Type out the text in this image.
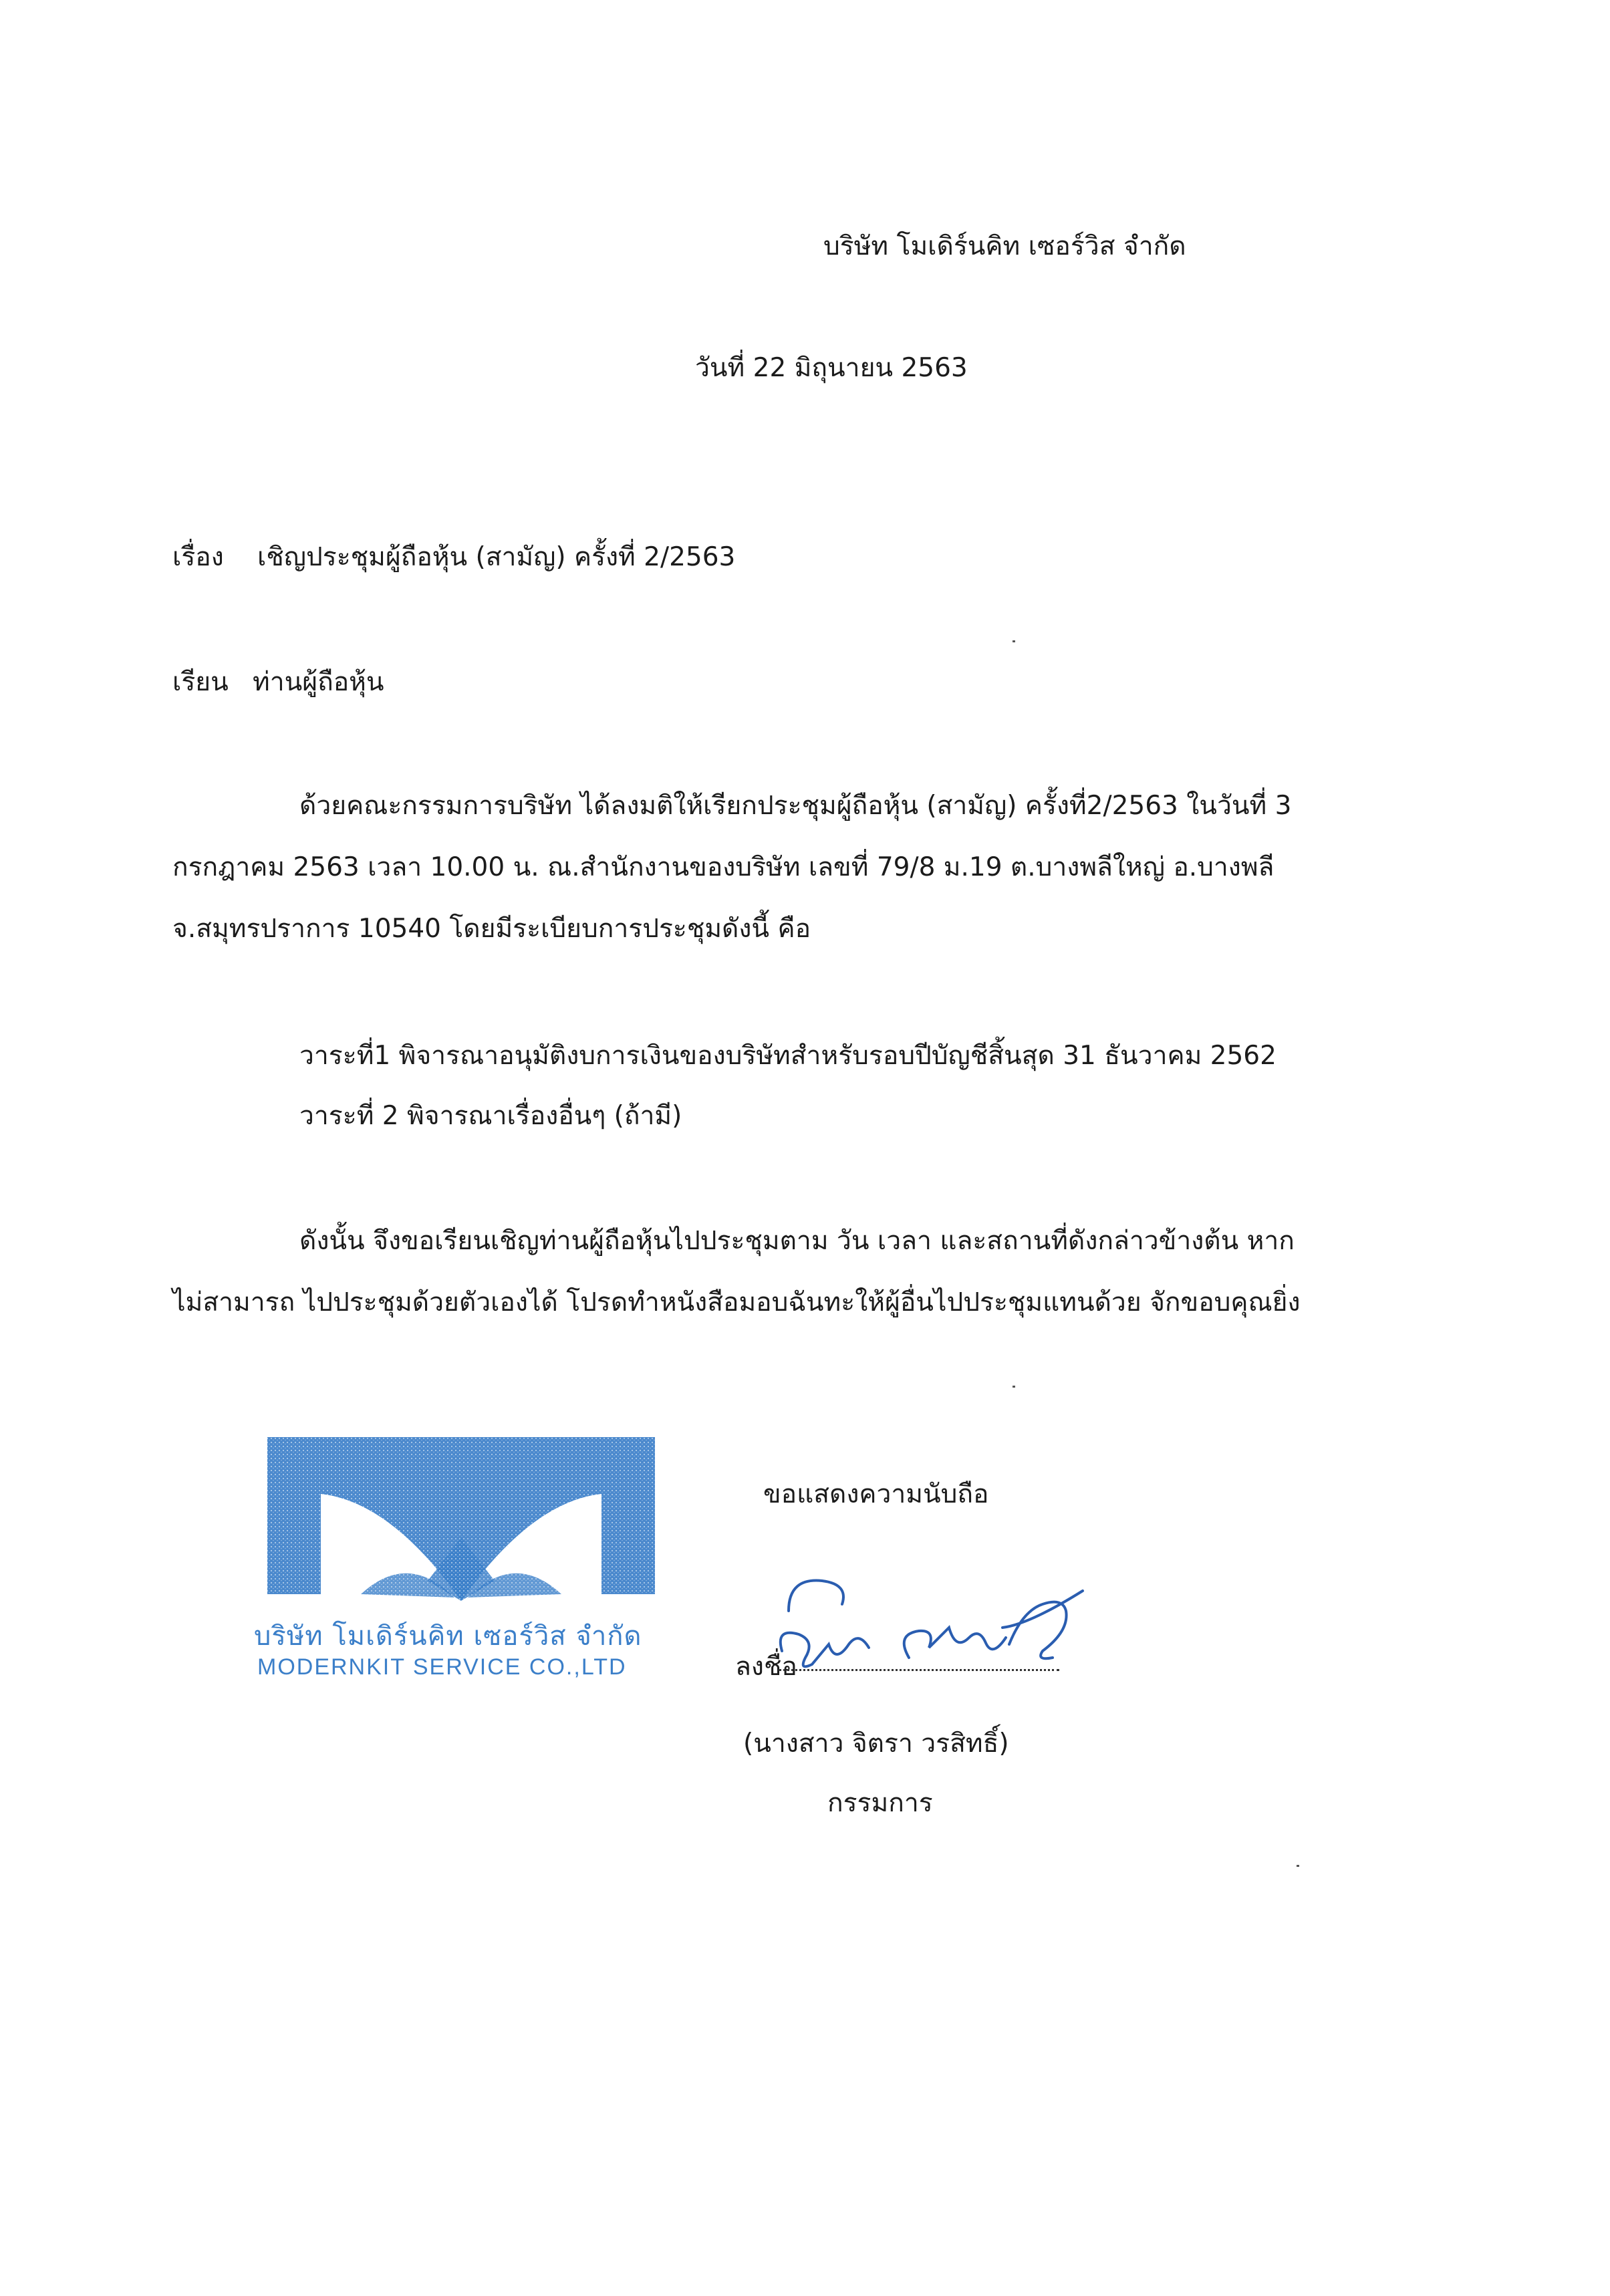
บริษัท โมเดิร์นคิท เซอร์วิส จำกัด
วันที่ 22 มิถุนายน 2563
เรื่อง เชิญประชุมผู้ถือหุ้น (สามัญ) ครั้งที่ 2/2563
เรียน ท่านผู้ถือหุ้น
ด้วยคณะกรรมการบริษัท ได้ลงมติให้เรียกประชุมผู้ถือหุ้น (สามัญ) ครั้งที่2/2563 ในวันที่ 3
กรกฎาคม 2563 เวลา 10.00 น. ณ.สำนักงานของบริษัท เลขที่ 79/8 ม.19 ต.บางพลีใหญ่ อ.บางพลี
จ.สมุทรปราการ 10540 โดยมีระเบียบการประชุมดังนี้ คือ
วาระที่1 พิจารณาอนุมัติงบการเงินของบริษัทสำหรับรอบปีบัญชีสิ้นสุด 31 ธันวาคม 2562
วาระที่ 2 พิจารณาเรื่องอื่นๆ (ถ้ามี)
ดังนั้น จึงขอเรียนเชิญท่านผู้ถือหุ้นไปประชุมตาม วัน เวลา และสถานที่ดังกล่าวข้างต้น หาก
ไม่สามารถ ไปประชุมด้วยตัวเองได้ โปรดทำหนังสือมอบฉันทะให้ผู้อื่นไปประชุมแทนด้วย จักขอบคุณยิ่ง
บริษัท โมเดิร์นคิท เซอร์วิส จำกัด
MODERNKIT SERVICE CO.,LTD
ขอแสดงความนับถือ
ลงชื่อ
(นางสาว จิตรา วรสิทธิ์)
กรรมการ
